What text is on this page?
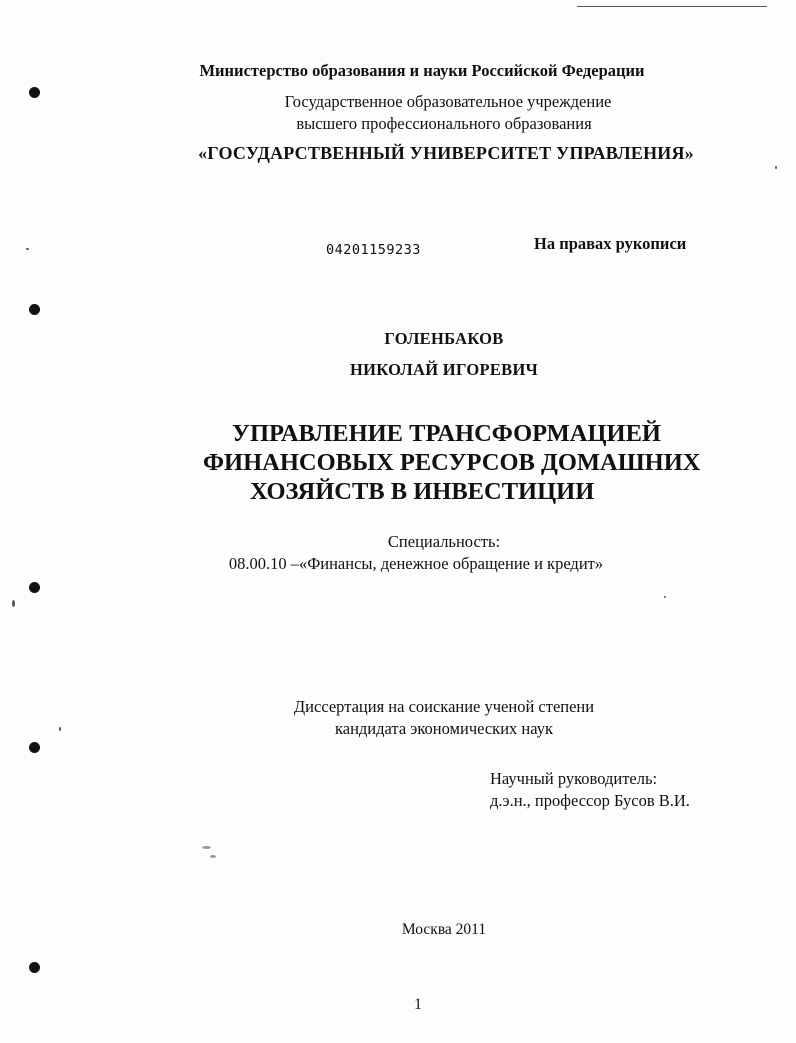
Министерство образования и науки Российской Федерации
Государственное образовательное учреждение
высшего профессионального образования
«ГОСУДАРСТВЕННЫЙ УНИВЕРСИТЕТ УПРАВЛЕНИЯ»
04201159233	На правах рукописи
ГОЛЕНБАКОВ
НИКОЛАЙ ИГОРЕВИЧ
УПРАВЛЕНИЕ ТРАНСФОРМАЦИЕЙ
ФИНАНСОВЫХ РЕСУРСОВ ДОМАШНИХ
ХОЗЯЙСТВ В ИНВЕСТИЦИИ
Специальность:
08.00.10 –«Финансы, денежное обращение и кредит»
Диссертация на соискание ученой степени
кандидата экономических наук
Научный руководитель:
д.э.н., профессор Бусов В.И.
Москва 2011
1
